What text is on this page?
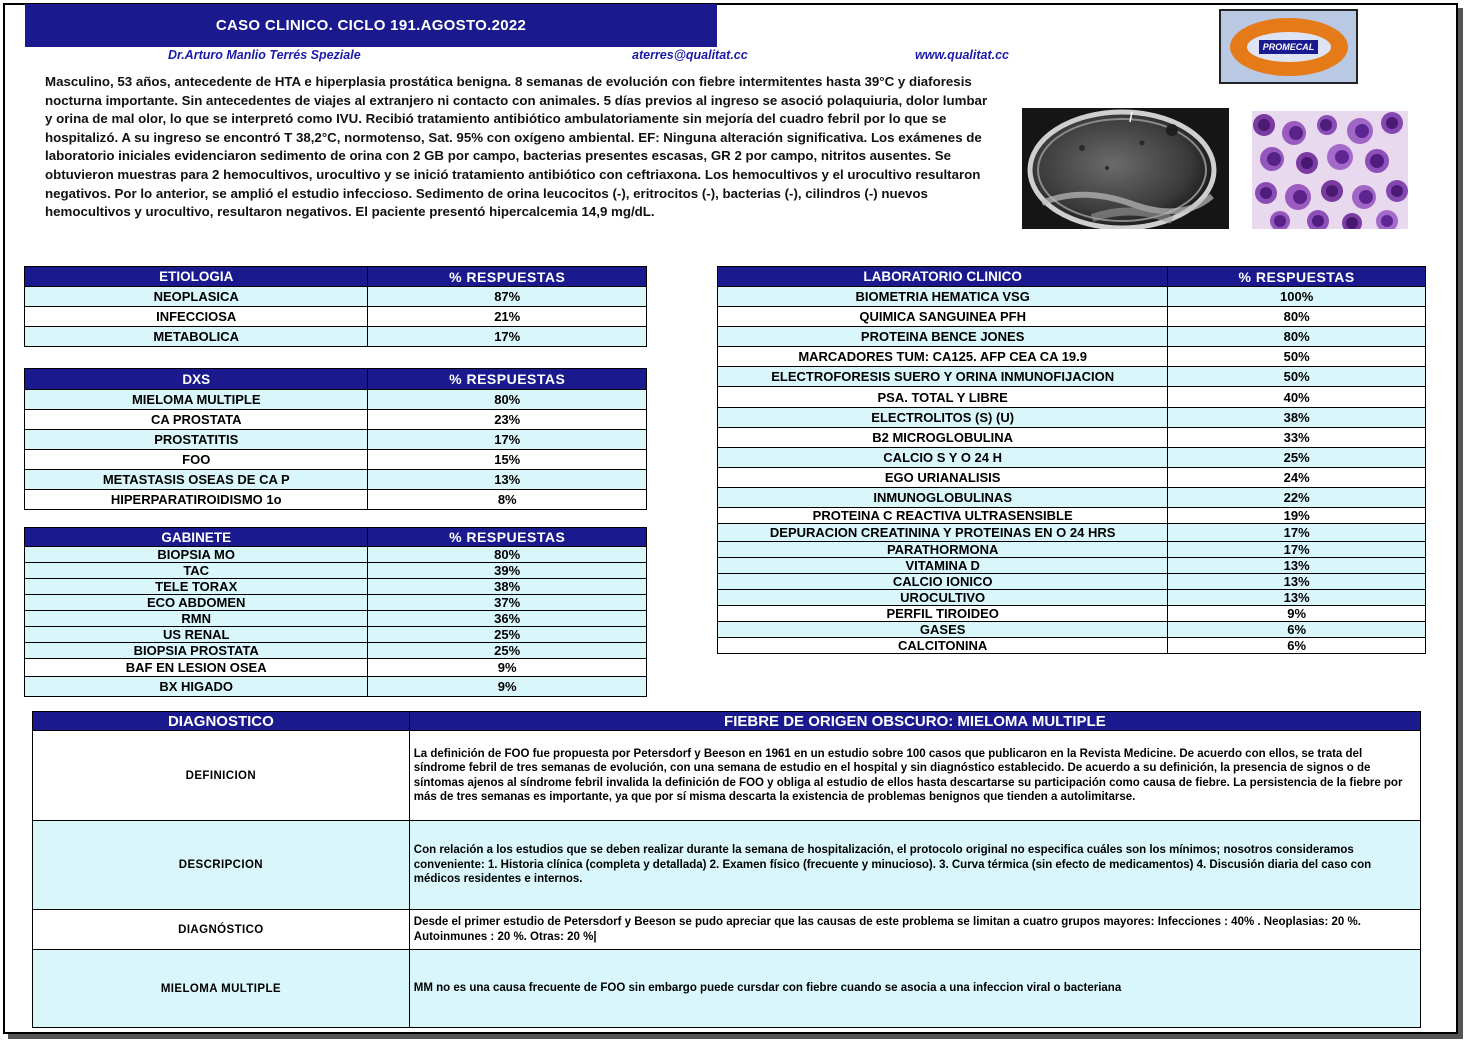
CASO CLINICO. CICLO 191.AGOSTO.2022
Dr.Arturo Manlio Terrés Speziale	aterres@qualitat.cc	www.qualitat.cc
PROMECAL
Masculino, 53 años, antecedente de HTA e hiperplasia prostática benigna. 8 semanas de evolución con fiebre intermitentes hasta 39°C y diaforesis nocturna importante. Sin antecedentes de viajes al extranjero ni contacto con animales. 5 días previos al ingreso se asoció polaquiuria, dolor lumbar y orina de mal olor, lo que se interpretó como IVU. Recibió tratamiento antibiótico ambulatoriamente sin mejoría del cuadro febril por lo que se hospitalizó. A su ingreso se encontró T 38,2°C, normotenso, Sat. 95% con oxígeno ambiental. EF: Ninguna alteración significativa. Los exámenes de laboratorio iniciales evidenciaron sedimento de orina con 2 GB por campo, bacterias presentes escasas, GR 2 por campo, nitritos ausentes. Se obtuvieron muestras para 2 hemocultivos, urocultivo y se inició tratamiento antibiótico con ceftriaxona. Los hemocultivos y el urocultivo resultaron negativos. Por lo anterior, se amplió el estudio infeccioso. Sedimento de orina leucocitos (-), eritrocitos (-), bacterias (-), cilindros (-) nuevos hemocultivos y urocultivo, resultaron negativos. El paciente presentó hipercalcemia 14,9 mg/dL.
ETIOLOGIA	% RESPUESTAS
NEOPLASICA	87%
INFECCIOSA	21%
METABOLICA	17%
DXS	% RESPUESTAS
MIELOMA MULTIPLE	80%
CA PROSTATA	23%
PROSTATITIS	17%
FOO	15%
METASTASIS OSEAS DE CA P	13%
HIPERPARATIROIDISMO 1o	8%
GABINETE	% RESPUESTAS
BIOPSIA MO	80%
TAC	39%
TELE TORAX	38%
ECO ABDOMEN	37%
RMN	36%
US RENAL	25%
BIOPSIA PROSTATA	25%
BAF EN LESION OSEA	9%
BX HIGADO	9%
LABORATORIO CLINICO	% RESPUESTAS
BIOMETRIA HEMATICA VSG	100%
QUIMICA SANGUINEA PFH	80%
PROTEINA BENCE JONES	80%
MARCADORES TUM: CA125. AFP CEA CA 19.9	50%
ELECTROFORESIS SUERO Y ORINA INMUNOFIJACION	50%
PSA. TOTAL Y LIBRE	40%
ELECTROLITOS (S) (U)	38%
B2 MICROGLOBULINA	33%
CALCIO S Y O 24 H	25%
EGO URIANALISIS	24%
INMUNOGLOBULINAS	22%
PROTEINA C REACTIVA ULTRASENSIBLE	19%
DEPURACION CREATININA Y PROTEINAS EN O 24 HRS	17%
PARATHORMONA	17%
VITAMINA D	13%
CALCIO IONICO	13%
UROCULTIVO	13%
PERFIL TIROIDEO	9%
GASES	6%
CALCITONINA	6%
DIAGNOSTICO	FIEBRE DE ORIGEN OBSCURO: MIELOMA MULTIPLE
DEFINICION	La definición de FOO fue propuesta por Petersdorf y Beeson en 1961 en un estudio sobre 100 casos que publicaron en la Revista Medicine. De acuerdo con ellos, se trata del síndrome febril de tres semanas de evolución, con una semana de estudio en el hospital y sin diagnóstico establecido. De acuerdo a su definición, la presencia de signos o de síntomas ajenos al síndrome febril invalida la definición de FOO y obliga al estudio de ellos hasta descartarse su participación como causa de fiebre. La persistencia de la fiebre por más de tres semanas es importante, ya que por sí misma descarta la existencia de problemas benignos que tienden a autolimitarse.
DESCRIPCION	Con relación a los estudios que se deben realizar durante la semana de hospitalización, el protocolo original no especifica cuáles son los mínimos; nosotros consideramos conveniente: 1. Historia clínica (completa y detallada) 2. Examen físico (frecuente y minucioso). 3. Curva térmica (sin efecto de medicamentos) 4. Discusión diaria del caso con médicos residentes e internos.
DIAGNÓSTICO	Desde el primer estudio de Petersdorf y Beeson se pudo apreciar que las causas de este problema se limitan a cuatro grupos mayores: Infecciones : 40% . Neoplasias: 20 %. Autoinmunes : 20 %. Otras: 20 %|
MIELOMA MULTIPLE	MM no es una causa frecuente de FOO sin embargo puede cursdar con fiebre cuando se asocia a una infeccion viral o bacteriana
